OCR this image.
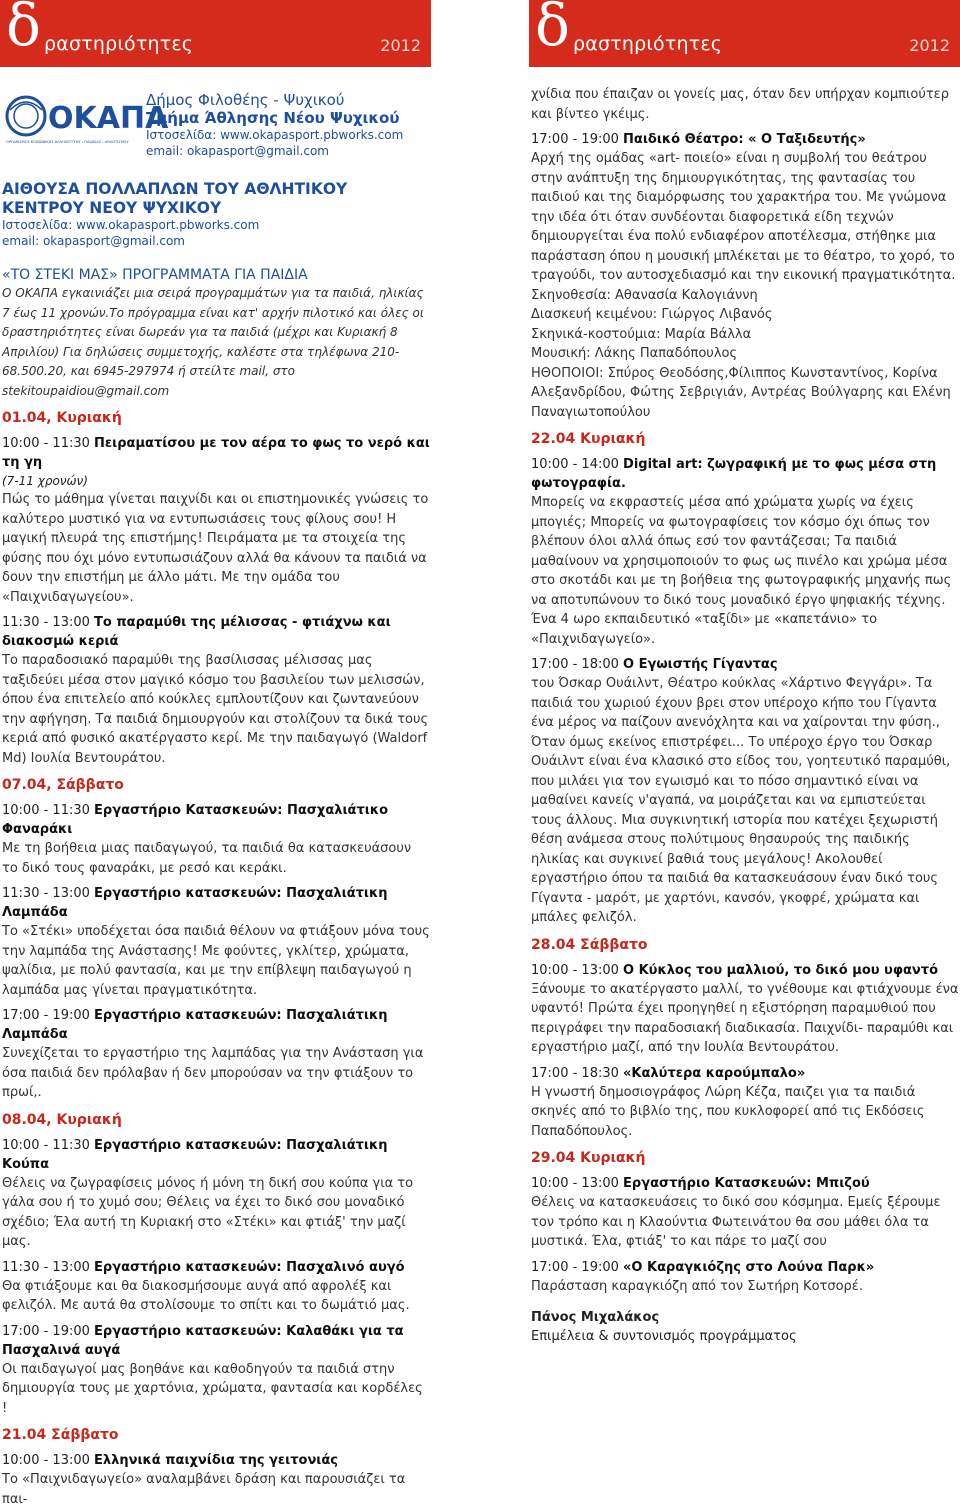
δ ραστηριότητες	2012
ΟΚΑΠΑ
ΟΡΓΑΝΙΣΜΟΣ ΚΟΙΝΩΝΙΚΗΣ ΑΛΛΗΛΕΓΓΥΗΣ - ΠΑΙΔΕΙΑΣ - ΑΘΛΗΤΙΣΜΟΥ
Δήμος Φιλοθέης - Ψυχικού
Τμήμα Άθλησης Νέου Ψυχικού
Ιστοσελίδα: www.okapasport.pbworks.com
email: okapasport@gmail.com
ΑΙΘΟΥΣΑ ΠΟΛΛΑΠΛΩΝ ΤΟΥ ΑΘΛΗΤΙΚΟΥ ΚΕΝΤΡΟΥ ΝΕΟΥ ΨΥΧΙΚΟΥ
Ιστοσελίδα: www.okapasport.pbworks.com
email: okapasport@gmail.com
«ΤΟ ΣΤΕΚΙ ΜΑΣ» ΠΡΟΓΡΑΜΜΑΤΑ ΓΙΑ ΠΑΙΔΙΑ
Ο ΟΚΑΠΑ εγκαινιάζει μια σειρά προγραμμάτων για τα παιδιά, ηλικίας 7 έως 11 χρονών.Το πρόγραμμα είναι κατ' αρχήν πιλοτικό και όλες οι δραστηριότητες είναι δωρεάν για τα παιδιά (μέχρι και Κυριακή 8 Απριλίου) Για δηλώσεις συμμετοχής, καλέστε στα τηλέφωνα 210-68.500.20, και 6945-297974 ή στείλτε mail, στο stekitoupaidiou@gmail.com
01.04, Κυριακή
10:00 - 11:30 Πειραματίσου με τον αέρα το φως το νερό και τη γη
(7-11 χρονών)
Πώς το μάθημα γίνεται παιχνίδι και οι επιστημονικές γνώσεις το καλύτερο μυστικό για να εντυπωσιάσεις τους φίλους σου! Η μαγική πλευρά της επιστήμης! Πειράματα με τα στοιχεία της φύσης που όχι μόνο εντυπωσιάζουν αλλά θα κάνουν τα παιδιά να δουν την επιστήμη με άλλο μάτι. Με την ομάδα του «Παιχνιδαγωγείου».
11:30 - 13:00 Το παραμύθι της μέλισσας - φτιάχνω και διακοσμώ κεριά
Το παραδοσιακό παραμύθι της βασίλισσας μέλισσας μας ταξιδεύει μέσα στον μαγικό κόσμο του βασιλείου των μελισσών, όπου ένα επιτελείο από κούκλες εμπλουτίζουν και ζωντανεύουν την αφήγηση. Τα παιδιά δημιουργούν και στολίζουν τα δικά τους κεριά από φυσικό ακατέργαστο κερί. Με την παιδαγωγό (Waldorf Md) Ιουλία Βεντουράτου.
07.04, Σάββατο
10:00 - 11:30 Εργαστήριο Κατασκευών: Πασχαλιάτικο Φαναράκι
Με τη βοήθεια μιας παιδαγωγού, τα παιδιά θα κατασκευάσουν το δικό τους φαναράκι, με ρεσό και κεράκι.
11:30 - 13:00 Εργαστήριο κατασκευών: Πασχαλιάτικη Λαμπάδα
Το «Στέκι» υποδέχεται όσα παιδιά θέλουν να φτιάξουν μόνα τους την λαμπάδα της Ανάστασης! Με φούντες, γκλίτερ, χρώματα, ψαλίδια, με πολύ φαντασία, και με την επίβλεψη παιδαγωγού η λαμπάδα μας γίνεται πραγματικότητα.
17:00 - 19:00 Εργαστήριο κατασκευών: Πασχαλιάτικη Λαμπάδα
Συνεχίζεται το εργαστήριο της λαμπάδας για την Ανάσταση για όσα παιδιά δεν πρόλαβαν ή δεν μπορούσαν να την φτιάξουν το πρωί,.
08.04, Κυριακή
10:00 - 11:30 Εργαστήριο κατασκευών: Πασχαλιάτικη Κούπα
Θέλεις να ζωγραφίσεις μόνος ή μόνη τη δική σου κούπα για το γάλα σου ή το χυμό σου; Θέλεις να έχει το δικό σου μοναδικό σχέδιο; Έλα αυτή τη Κυριακή στο «Στέκι» και φτιάξ' την μαζί μας.
11:30 - 13:00 Εργαστήριο κατασκευών: Πασχαλινό αυγό
Θα φτιάξουμε και θα διακοσμήσουμε αυγά από αφρολέξ και φελιζόλ. Με αυτά θα στολίσουμε το σπίτι και το δωμάτιό μας.
17:00 - 19:00 Εργαστήριο κατασκευών: Καλαθάκι για τα Πασχαλινά αυγά
Οι παιδαγωγοί μας βοηθάνε και καθοδηγούν τα παιδιά στην δημιουργία τους με χαρτόνια, χρώματα, φαντασία και κορδέλες !
21.04 Σάββατο
10:00 - 13:00 Ελληνικά παιχνίδια της γειτονιάς
Το «Παιχνιδαγωγείο» αναλαμβάνει δράση και παρουσιάζει τα παι-
δ ραστηριότητες	2012
χνίδια που έπαιζαν οι γονείς μας, όταν δεν υπήρχαν κομπιούτερ και βίντεο γκέιμς.
17:00 - 19:00 Παιδικό Θέατρο: « Ο Ταξιδευτής»
Αρχή της ομάδας «art- ποιείο» είναι η συμβολή του θεάτρου στην ανάπτυξη της δημιουργικότητας, της φαντασίας του παιδιού και της διαμόρφωσης του χαρακτήρα του. Με γνώμονα την ιδέα ότι όταν συνδέονται διαφορετικά είδη τεχνών δημιουργείται ένα πολύ ενδιαφέρον αποτέλεσμα, στήθηκε μια παράσταση όπου η μουσική μπλέκεται με το θέατρο, το χορό, το τραγούδι, τον αυτοσχεδιασμό και την εικονική πραγματικότητα.
Σκηνοθεσία: Αθανασία Καλογιάννη
Διασκευή κειμένου: Γιώργος Λιβανός
Σκηνικά-κοστούμια: Μαρία Βάλλα
Μουσική: Λάκης Παπαδόπουλος
ΗΘΟΠΟΙΟΙ: Σπύρος Θεοδόσης,Φίλιππος Κωνσταντίνος, Κορίνα Αλεξανδρίδου, Φώτης Σεβριγιάν, Αντρέας Βούλγαρης και Ελένη Παναγιωτοπούλου
22.04 Κυριακή
10:00 - 14:00 Digital art: ζωγραφική με το φως μέσα στη φωτογραφία.
Μπορείς να εκφραστείς μέσα από χρώματα χωρίς να έχεις μπογιές; Μπορείς να φωτογραφίσεις τον κόσμο όχι όπως τον βλέπουν όλοι αλλά όπως εσύ τον φαντάζεσαι; Τα παιδιά μαθαίνουν να χρησιμοποιούν το φως ως πινέλο και χρώμα μέσα στο σκοτάδι και με τη βοήθεια της φωτογραφικής μηχανής πως να αποτυπώνουν το δικό τους μοναδικό έργο ψηφιακής τέχνης. Ένα 4 ωρο εκπαιδευτικό «ταξίδι» με «καπετάνιο» το «Παιχνιδαγωγείο».
17:00 - 18:00 Ο Εγωιστής Γίγαντας
του Όσκαρ Ουάιλντ, Θέατρο κούκλας «Χάρτινο Φεγγάρι». Τα παιδιά του χωριού έχουν βρει στον υπέροχο κήπο του Γίγαντα ένα μέρος να παίζουν ανενόχλητα και να χαίρονται την φύση., Όταν όμως εκείνος επιστρέφει... Το υπέροχο έργο του Όσκαρ Ουάιλντ είναι ένα κλασικό στο είδος του, γοητευτικό παραμύθι, που μιλάει για τον εγωισμό και το πόσο σημαντικό είναι να μαθαίνει κανείς ν'αγαπά, να μοιράζεται και να εμπιστεύεται τους άλλους. Μια συγκινητική ιστορία που κατέχει ξεχωριστή θέση ανάμεσα στους πολύτιμους θησαυρούς της παιδικής ηλικίας και συγκινεί βαθιά τους μεγάλους! Ακολουθεί εργαστήριο όπου τα παιδιά θα κατασκευάσουν έναν δικό τους Γίγαντα - μαρότ, με χαρτόνι, κανσόν, γκοφρέ, χρώματα και μπάλες φελιζόλ.
28.04 Σάββατο
10:00 - 13:00 Ο Κύκλος του μαλλιού, το δικό μου υφαντό
Ξάνουμε το ακατέργαστο μαλλί, το γνέθουμε και φτιάχνουμε ένα υφαντό! Πρώτα έχει προηγηθεί η εξιστόρηση παραμυθιού που περιγράφει την παραδοσιακή διαδικασία. Παιχνίδι- παραμύθι και εργαστήριο μαζί, από την Ιουλία Βεντουράτου.
17:00 - 18:30 «Καλύτερα καρούμπαλο»
Η γνωστή δημοσιογράφος Λώρη Κέζα, παιζει για τα παιδιά σκηνές από το βιβλίο της, που κυκλοφορεί από τις Εκδόσεις Παπαδόπουλος.
29.04 Κυριακή
10:00 - 13:00 Εργαστήριο Κατασκευών: Μπιζού
Θέλεις να κατασκευάσεις το δικό σου κόσμημα. Εμείς ξέρουμε τον τρόπο και η Κλαούντια Φωτεινάτου θα σου μάθει όλα τα μυστικά. Έλα, φτιάξ' το και πάρε το μαζί σου
17:00 - 19:00 «Ο Καραγκιόζης στο Λούνα Παρκ»
Παράσταση καραγκιόζη από τον Σωτήρη Κοτσορέ.
Πάνος Μιχαλάκος
Επιμέλεια & συντονισμός προγράμματος
